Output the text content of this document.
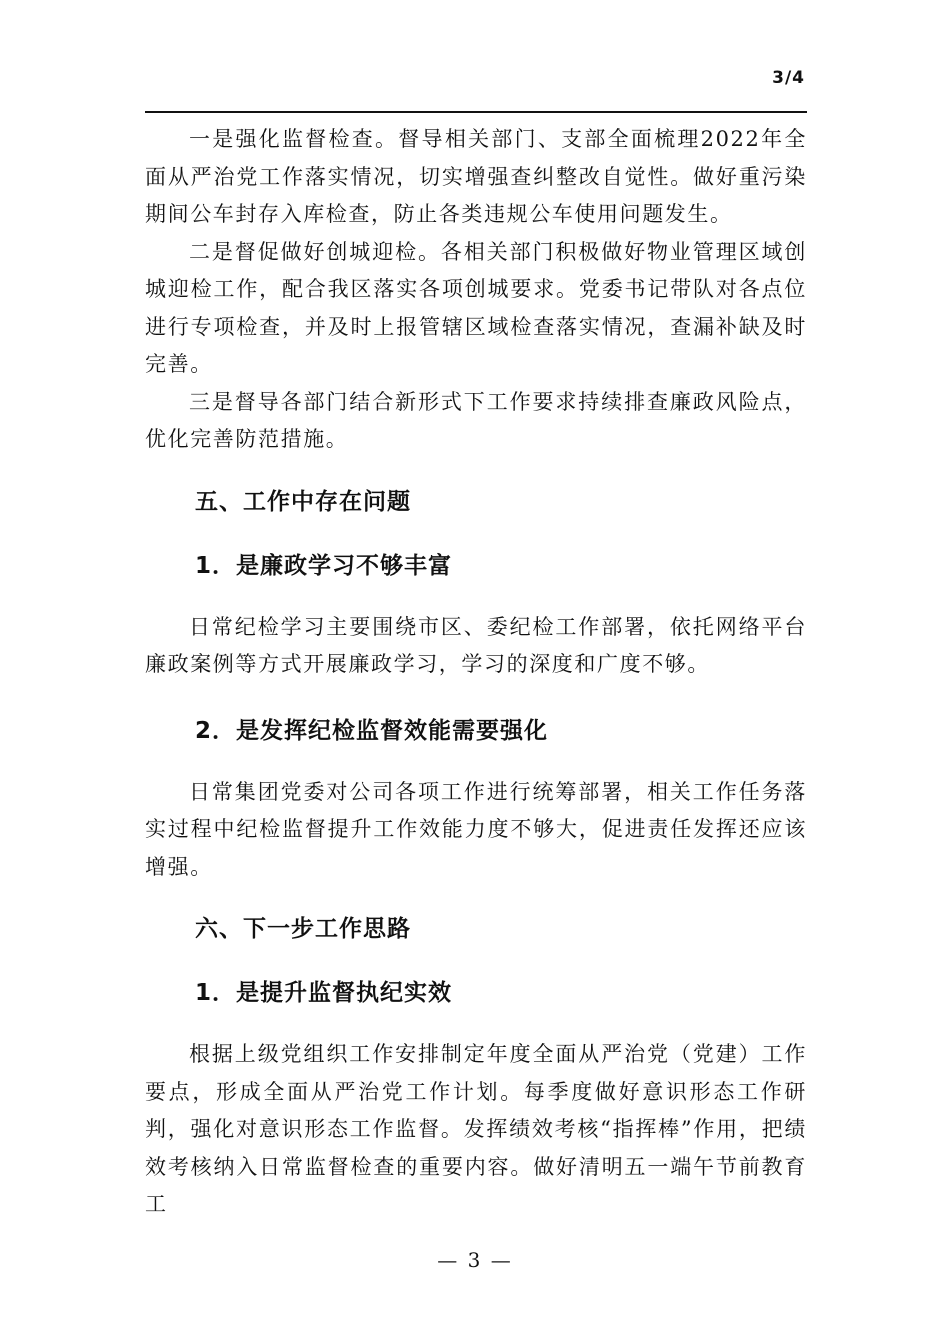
3/4

一是强化监督检查。督导相关部门、支部全面梳理2022年全面从严治党工作落实情况，切实增强查纠整改自觉性。做好重污染期间公车封存入库检查，防止各类违规公车使用问题发生。

二是督促做好创城迎检。各相关部门积极做好物业管理区域创城迎检工作，配合我区落实各项创城要求。党委书记带队对各点位进行专项检查，并及时上报管辖区域检查落实情况，查漏补缺及时完善。

三是督导各部门结合新形式下工作要求持续排查廉政风险点，优化完善防范措施。

五、工作中存在问题
1．是廉政学习不够丰富

日常纪检学习主要围绕市区、委纪检工作部署，依托网络平台廉政案例等方式开展廉政学习，学习的深度和广度不够。

2．是发挥纪检监督效能需要强化

日常集团党委对公司各项工作进行统筹部署，相关工作任务落实过程中纪检监督提升工作效能力度不够大，促进责任发挥还应该增强。

六、下一步工作思路
1．是提升监督执纪实效

根据上级党组织工作安排制定年度全面从严治党（党建）工作要点，形成全面从严治党工作计划。每季度做好意识形态工作研判，强化对意识形态工作监督。发挥绩效考核“指挥棒”作用，把绩效考核纳入日常监督检查的重要内容。做好清明五一端午节前教育工

— 3 —
